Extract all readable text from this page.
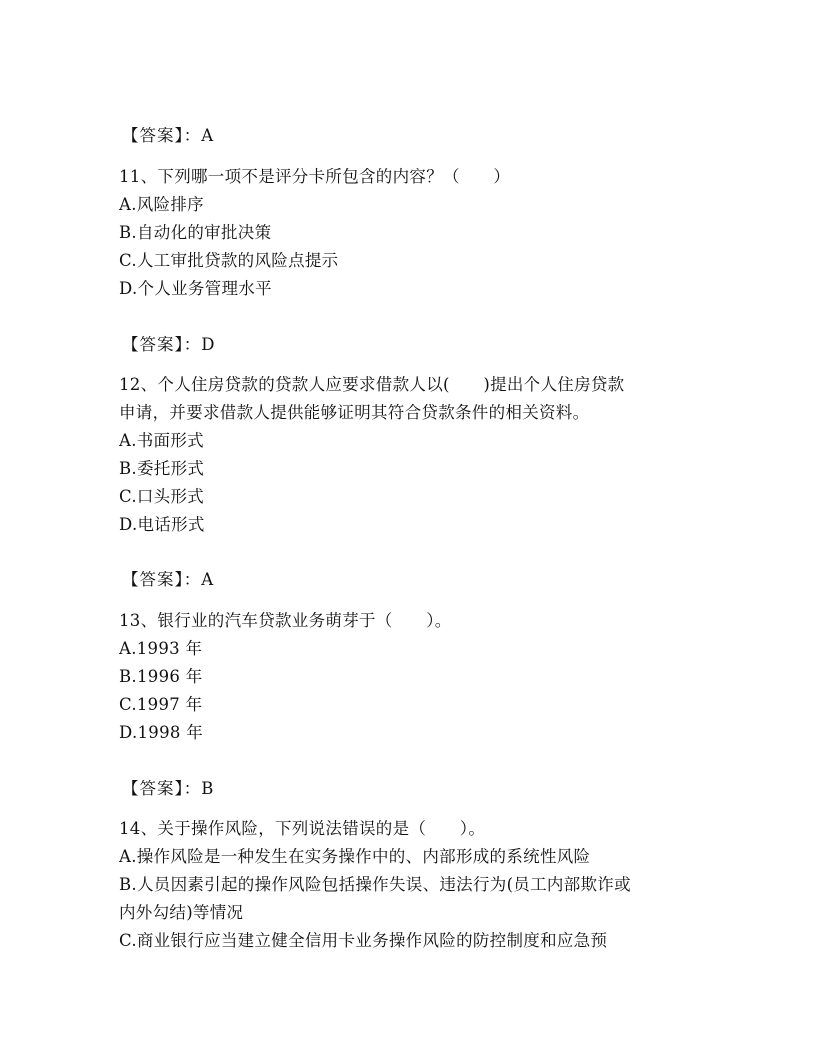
【答案】：A
11、下列哪一项不是评分卡所包含的内容？（　　）
A.风险排序
B.自动化的审批决策
C.人工审批贷款的风险点提示
D.个人业务管理水平
【答案】：D
12、个人住房贷款的贷款人应要求借款人以(　　)提出个人住房贷款
申请，并要求借款人提供能够证明其符合贷款条件的相关资料。
A.书面形式
B.委托形式
C.口头形式
D.电话形式
【答案】：A
13、银行业的汽车贷款业务萌芽于（　　）。
A.1993 年
B.1996 年
C.1997 年
D.1998 年
【答案】：B
14、关于操作风险，下列说法错误的是（　　）。
A.操作风险是一种发生在实务操作中的、内部形成的系统性风险
B.人员因素引起的操作风险包括操作失误、违法行为(员工内部欺诈或
内外勾结)等情况
C.商业银行应当建立健全信用卡业务操作风险的防控制度和应急预
